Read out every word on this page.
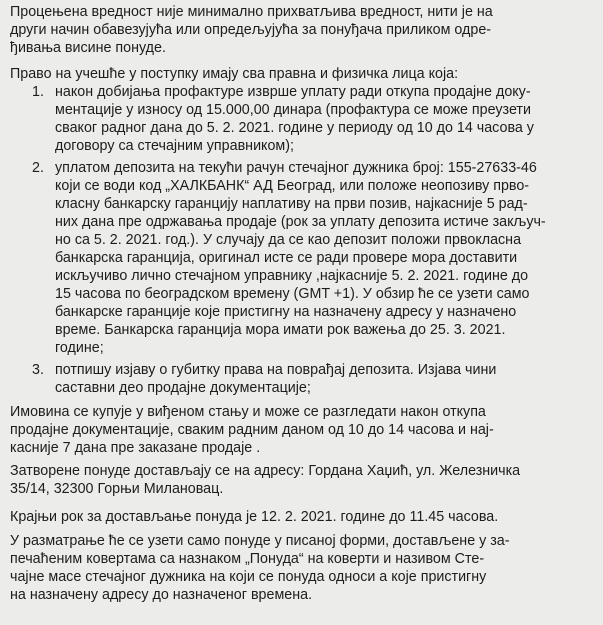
Процењена вредност није минимално прихватљива вредност, нити је на
други начин обавезујућа или опредељујућа за понуђача приликом одре-
ђивања висине понуде.

Право на учешће у поступку имају сва правна и физичка лица која:

1. након добијања профактуре изврше уплату ради откупа продајне доку-
ментације у износу од 15.000,00 динара (профактура се може преузети
сваког радног дана до 5. 2. 2021. године у периоду од 10 до 14 часова у
договору са стечајним управником);
2. уплатом депозита на текући рачун стечајног дужника број: 155-27633-46
који се води код „ХАЛКБАНК“ АД Београд, или положе неопозиву прво-
класну банкарску гаранцију наплативу на први позив, најкасније 5 рад-
них дана пре одржавања продаје (рок за уплату депозита истиче закључ-
но са 5. 2. 2021. год.). У случају да се као депозит положи првокласна
банкарска гаранција, оригинал исте се ради провере мора доставити
искључиво лично стечајном управнику ,најкасније 5. 2. 2021. године до
15 часова по београдском времену (GMT +1). У обзир ће се узети само
банкарске гаранције које пристигну на назначену адресу у назначено
време. Банкарска гаранција мора имати рок важења до 25. 3. 2021.
године;
3. потпишу изјаву о губитку права на поврађај депозита. Изјава чини
саставни део продајне документације;

Имовина се купује у виђеном стању и може се разгледати након откупа
продајне документације, сваким радним даном од 10 до 14 часова и нај-
касније 7 дана пре заказане продаје .

Затворене понуде достављају се на адресу: Гордана Хаџић, ул. Железничка
35/14, 32300 Горњи Милановац.

Крајњи рок за достављање понуда је 12. 2. 2021. године до 11.45 часова.

У разматрање ће се узети само понуде у писаној форми, достављене у за-
печаћеним ковертама са назнаком „Понуда“ на коверти и називом Сте-
чајне масе стечајног дужника на који се понуда односи а које пристигну
на назначену адресу до назначеног времена.
